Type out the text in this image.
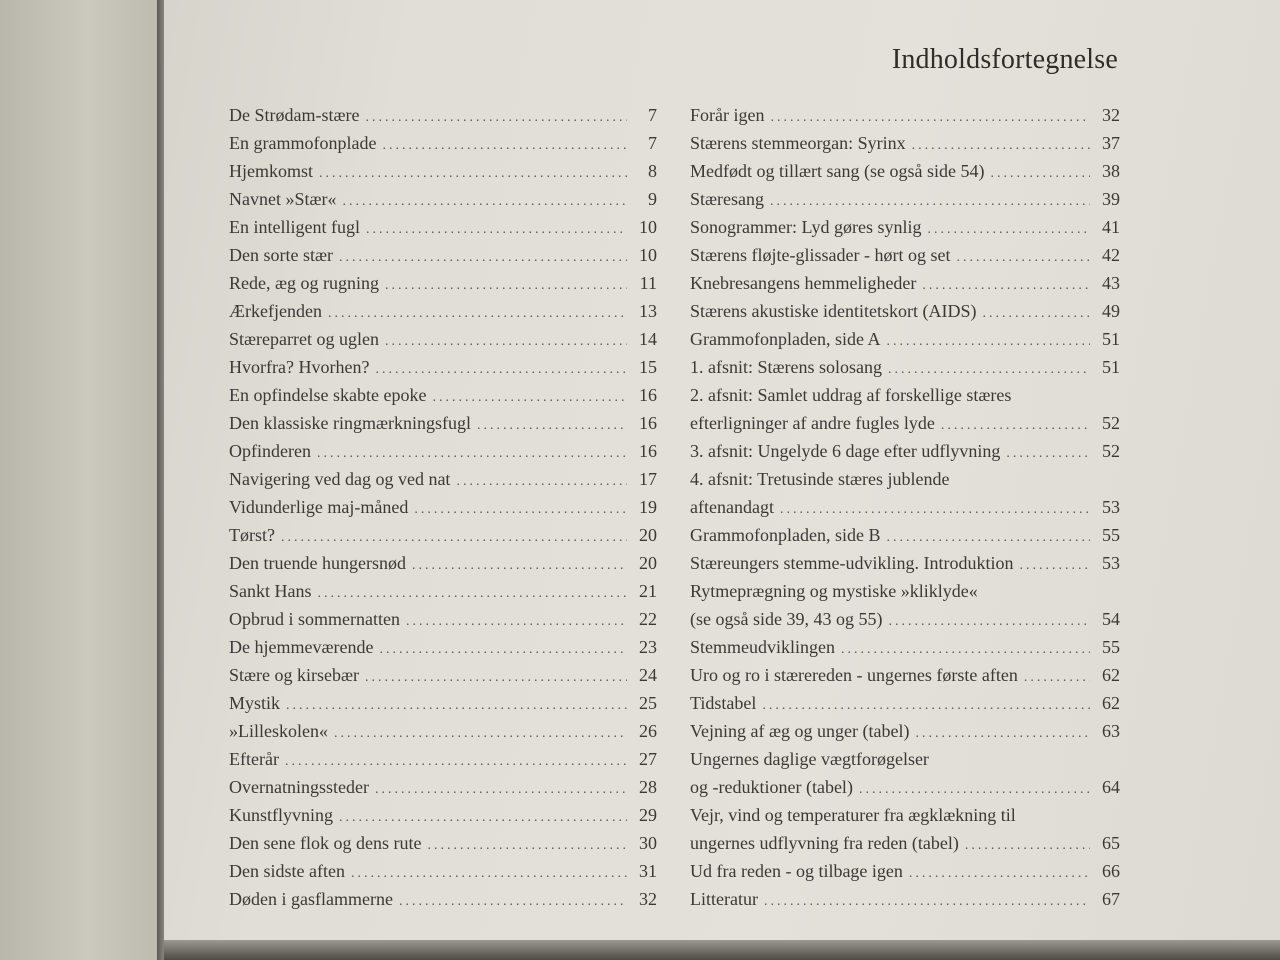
Indholdsfortegnelse
De Strødam-stære .....	7
En grammofonplade .....	7
Hjemkomst .....	8
Navnet »Stær« .....	9
En intelligent fugl .....	10
Den sorte stær .....	10
Rede, æg og rugning .....	11
Ærkefjenden .....	13
Stæreparret og uglen .....	14
Hvorfra? Hvorhen? .....	15
En opfindelse skabte epoke .....	16
Den klassiske ringmærkningsfugl .....	16
Opfinderen .....	16
Navigering ved dag og ved nat .....	17
Vidunderlige maj-måned .....	19
Tørst? .....	20
Den truende hungersnød .....	20
Sankt Hans .....	21
Opbrud i sommernatten .....	22
De hjemmeværende .....	23
Stære og kirsebær .....	24
Mystik .....	25
»Lilleskolen« .....	26
Efterår .....	27
Overnatningssteder .....	28
Kunstflyvning .....	29
Den sene flok og dens rute .....	30
Den sidste aften .....	31
Døden i gasflammerne .....	32
Forår igen .....	32
Stærens stemmeorgan: Syrinx .....	37
Medfødt og tillært sang (se også side 54) .....	38
Stæresang .....	39
Sonogrammer: Lyd gøres synlig .....	41
Stærens fløjte-glissader - hørt og set .....	42
Knebresangens hemmeligheder .....	43
Stærens akustiske identitetskort (AIDS) .....	49
Grammofonpladen, side A .....	51
1. afsnit: Stærens solosang .....	51
2. afsnit: Samlet uddrag af forskellige stæres
efterligninger af andre fugles lyde .....	52
3. afsnit: Ungelyde 6 dage efter udflyvning .....	52
4. afsnit: Tretusinde stæres jublende
aftenandagt .....	53
Grammofonpladen, side B .....	55
Stæreungers stemme-udvikling. Introduktion .....	53
Rytmeprægning og mystiske »kliklyde«
(se også side 39, 43 og 55) .....	54
Stemmeudviklingen .....	55
Uro og ro i stærereden - ungernes første aften .....	62
Tidstabel .....	62
Vejning af æg og unger (tabel) .....	63
Ungernes daglige vægtforøgelser
og -reduktioner (tabel) .....	64
Vejr, vind og temperaturer fra ægklækning til
ungernes udflyvning fra reden (tabel) .....	65
Ud fra reden - og tilbage igen .....	66
Litteratur .....	67
